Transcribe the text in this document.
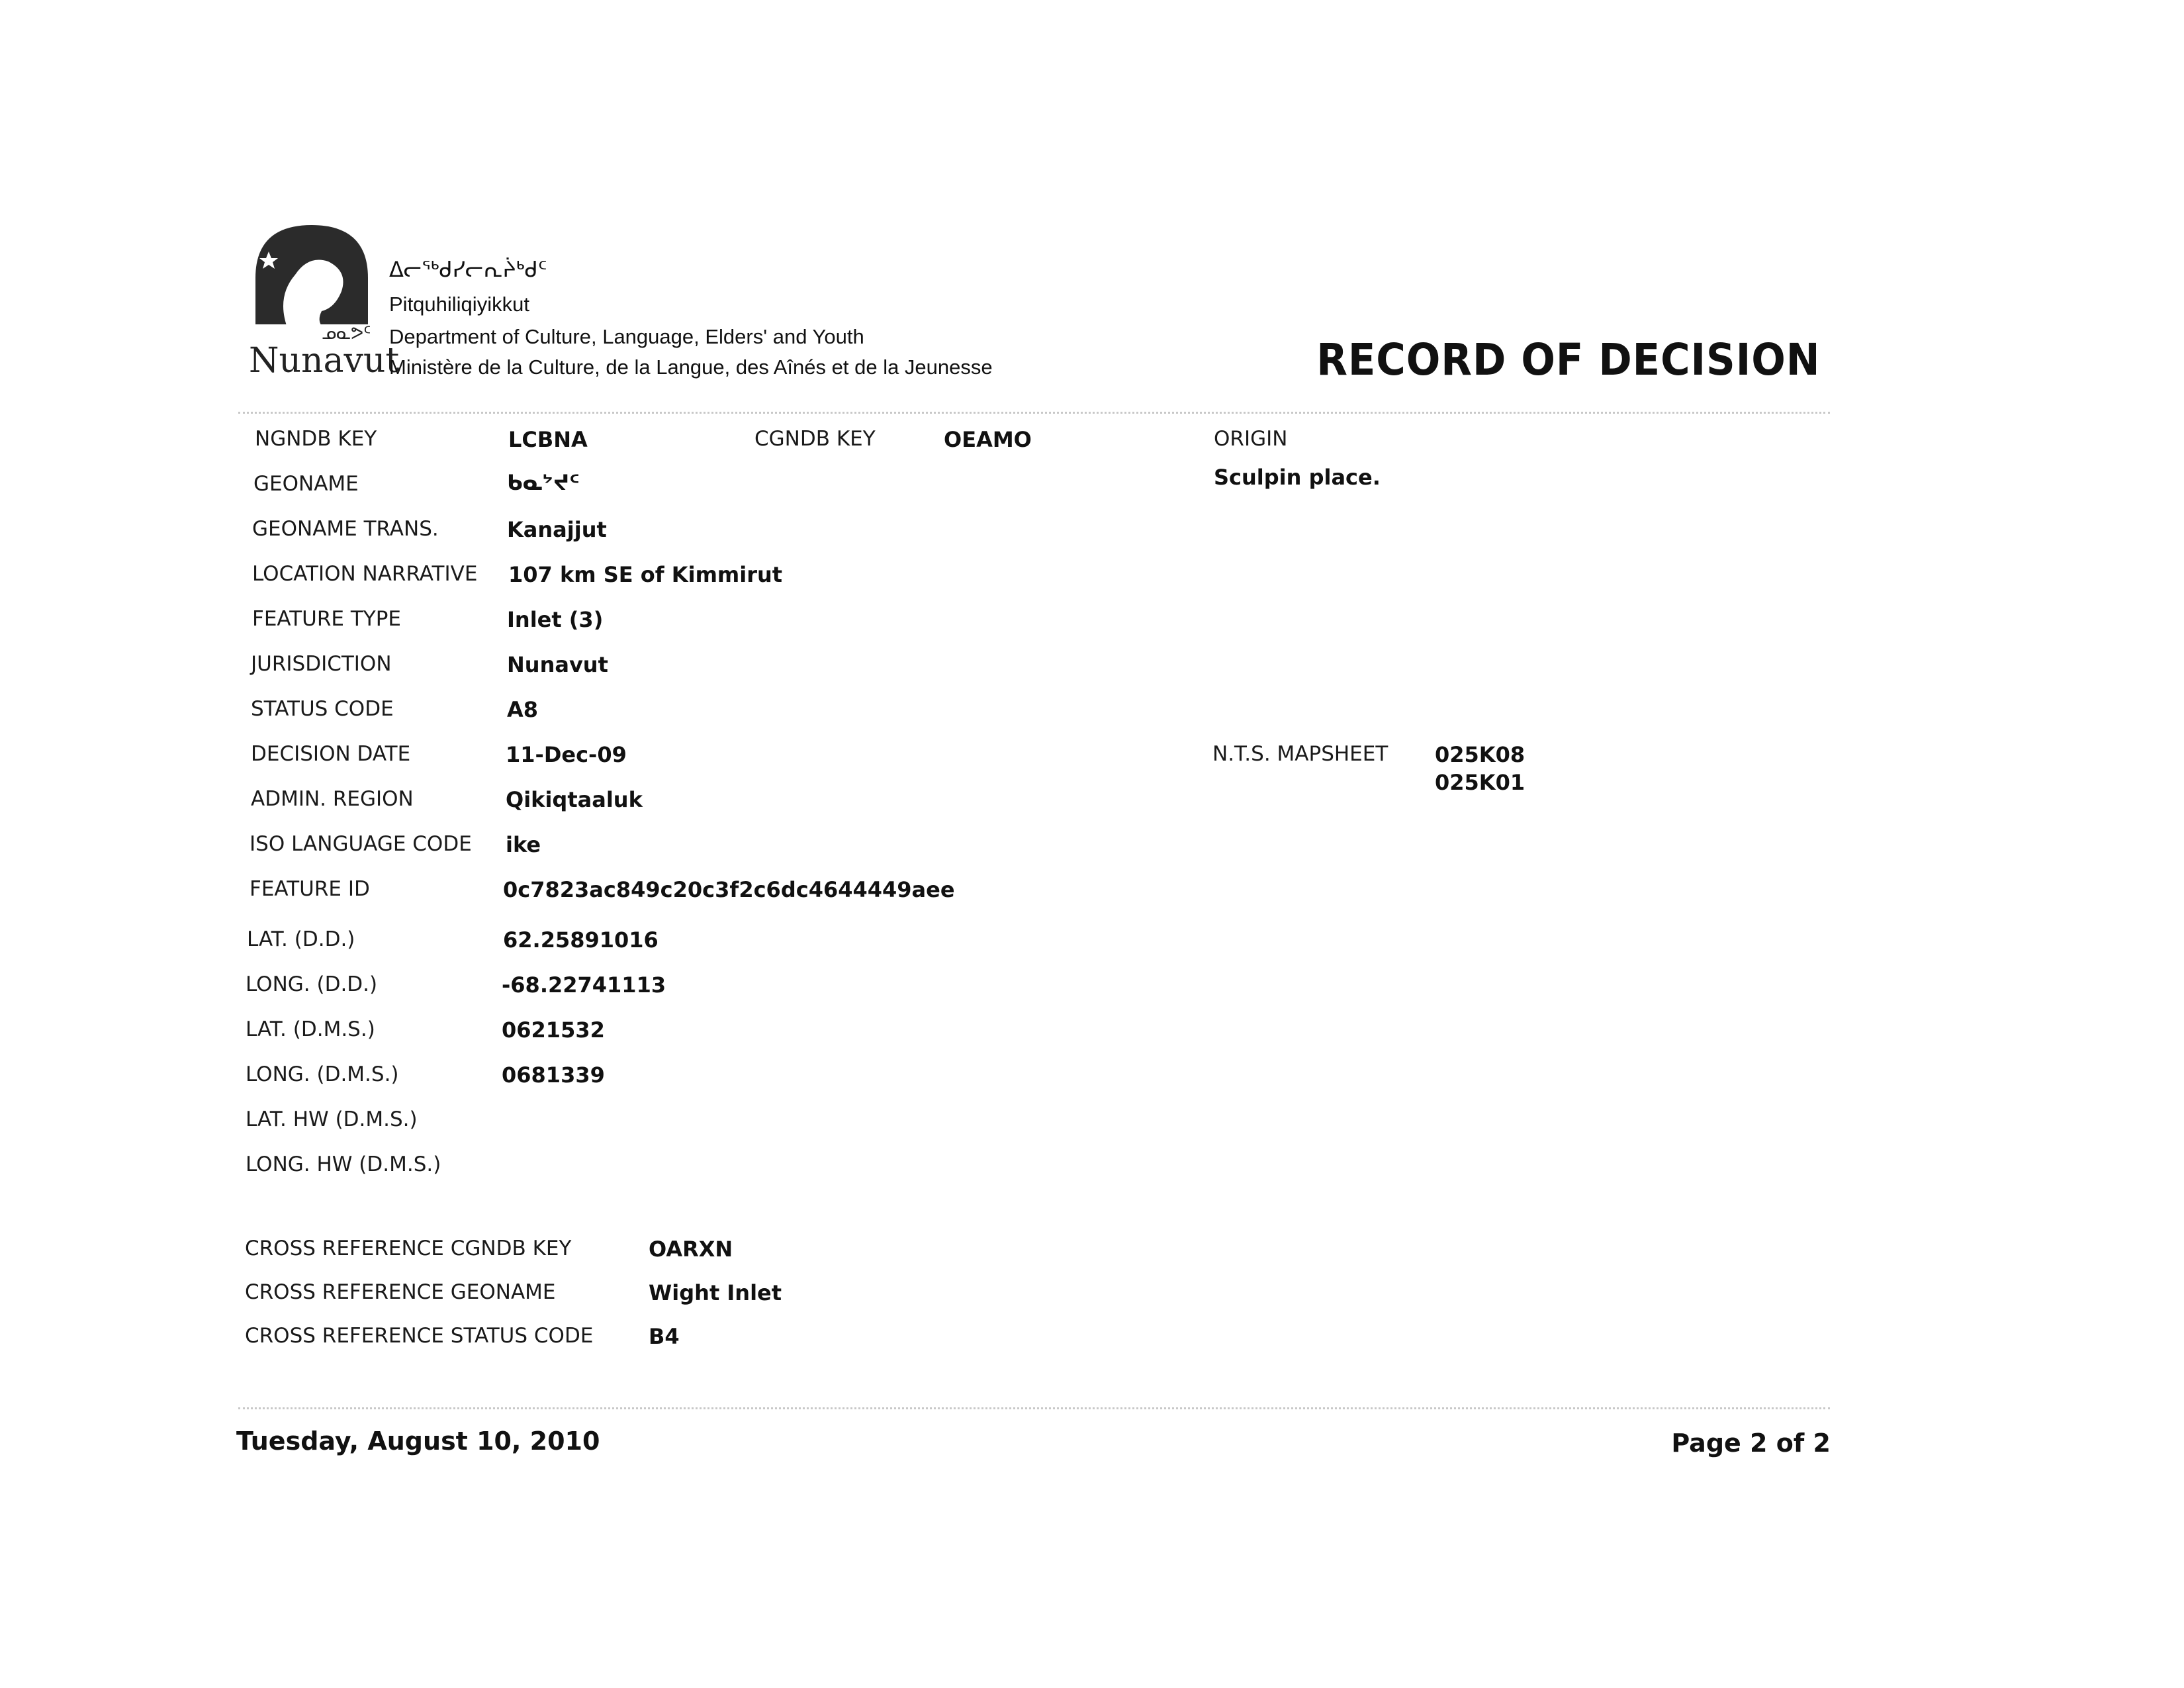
ᓄᓇᕗᑦ
Nunavut
ᐃᓕᖅᑯᓯᓕᕆᔩᒃᑯᑦ
Pitquhiliqiyikkut
Department of Culture, Language, Elders' and Youth
Ministère de la Culture, de la Langue, des Aînés et de la Jeunesse	RECORD OF DECISION
NGNDB KEY	LCBNA
GEONAME	ᑲᓇᔾᔪᑦ
GEONAME TRANS.	Kanajjut
LOCATION NARRATIVE 107 km SE of Kimmirut
FEATURE TYPE	Inlet (3)
JURISDICTION	Nunavut
STATUS CODE	A8
DECISION DATE	11-Dec-09
ADMIN. REGION	Qikiqtaaluk
ISO LANGUAGE CODE ike
FEATURE ID	0c7823ac849c20c3f2c6dc4644449aee
LAT. (D.D.)	62.25891016
LONG. (D.D.)	-68.22741113
LAT. (D.M.S.)	0621532
LONG. (D.M.S.)	0681339
LAT. HW (D.M.S.)
LONG. HW (D.M.S.)
CGNDB KEY	OEAMO	ORIGIN
Sculpin place.
N.T.S. MAPSHEET 025K08
025K01
CROSS REFERENCE CGNDB KEY	OARXN
CROSS REFERENCE GEONAME	Wight Inlet
CROSS REFERENCE STATUS CODE	B4
Tuesday, August 10, 2010	Page 2 of 2
